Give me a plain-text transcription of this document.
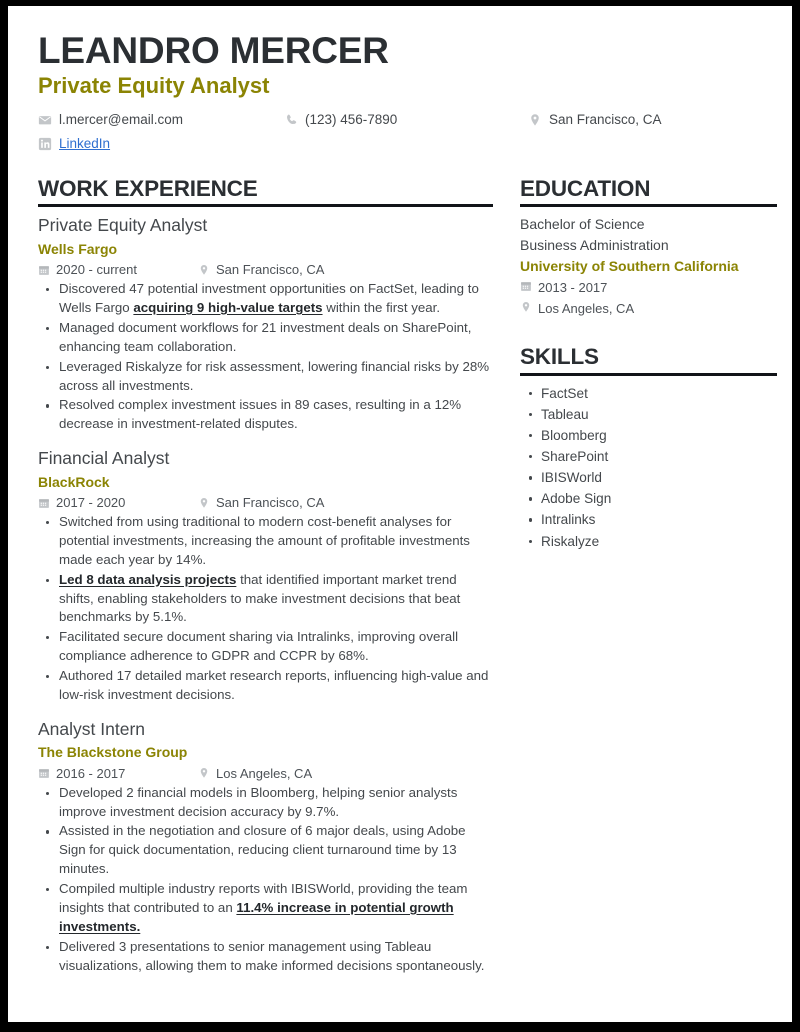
LEANDRO MERCER
Private Equity Analyst
l.mercer@email.com	(123) 456-7890	San Francisco, CA
LinkedIn
WORK EXPERIENCE
Private Equity Analyst
Wells Fargo
2020 - current	San Francisco, CA
Discovered 47 potential investment opportunities on FactSet, leading to Wells Fargo acquiring 9 high-value targets within the first year.
Managed document workflows for 21 investment deals on SharePoint, enhancing team collaboration.
Leveraged Riskalyze for risk assessment, lowering financial risks by 28% across all investments.
Resolved complex investment issues in 89 cases, resulting in a 12% decrease in investment-related disputes.
Financial Analyst
BlackRock
2017 - 2020	San Francisco, CA
Switched from using traditional to modern cost-benefit analyses for potential investments, increasing the amount of profitable investments made each year by 14%.
Led 8 data analysis projects that identified important market trend shifts, enabling stakeholders to make investment decisions that beat benchmarks by 5.1%.
Facilitated secure document sharing via Intralinks, improving overall compliance adherence to GDPR and CCPR by 68%.
Authored 17 detailed market research reports, influencing high-value and low-risk investment decisions.
Analyst Intern
The Blackstone Group
2016 - 2017	Los Angeles, CA
Developed 2 financial models in Bloomberg, helping senior analysts improve investment decision accuracy by 9.7%.
Assisted in the negotiation and closure of 6 major deals, using Adobe Sign for quick documentation, reducing client turnaround time by 13 minutes.
Compiled multiple industry reports with IBISWorld, providing the team insights that contributed to an 11.4% increase in potential growth investments.
Delivered 3 presentations to senior management using Tableau visualizations, allowing them to make informed decisions spontaneously.
EDUCATION
Bachelor of Science
Business Administration
University of Southern California
2013 - 2017
Los Angeles, CA
SKILLS
FactSet
Tableau
Bloomberg
SharePoint
IBISWorld
Adobe Sign
Intralinks
Riskalyze
